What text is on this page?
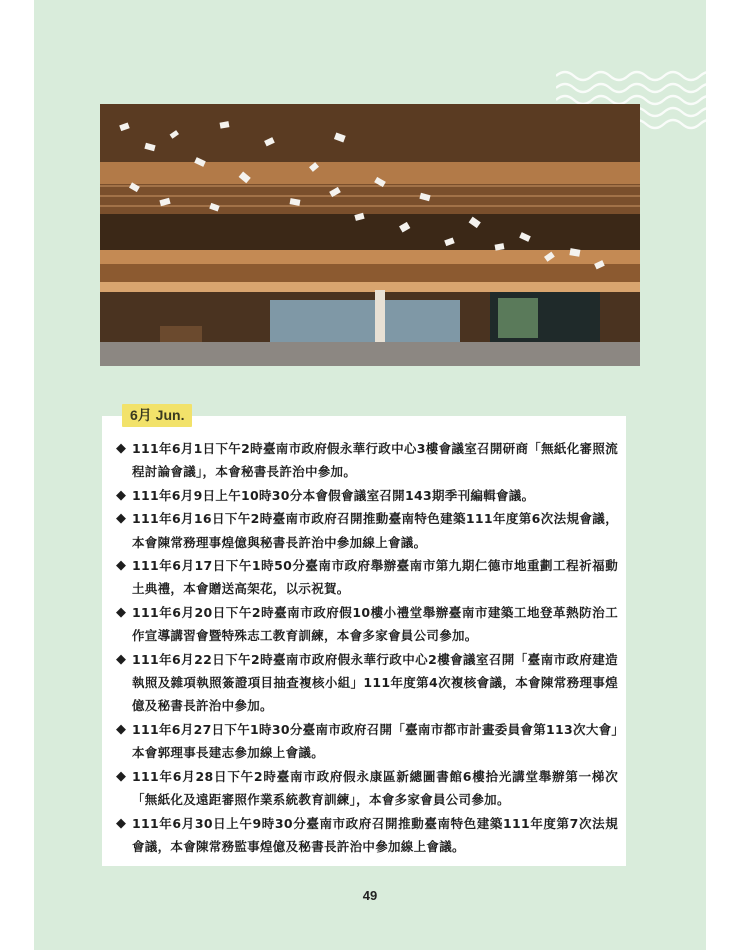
6月 Jun.
◆ 111年6月1日下午2時臺南市政府假永華行政中心3樓會議室召開研商「無紙化審照流程討論會議」，本會秘書長許治中參加。
◆ 111年6月9日上午10時30分本會假會議室召開143期季刊編輯會議。
◆ 111年6月16日下午2時臺南市政府召開推動臺南特色建築111年度第6次法規會議，本會陳常務理事煌億與秘書長許治中參加線上會議。
◆ 111年6月17日下午1時50分臺南市政府舉辦臺南市第九期仁德市地重劃工程祈福動土典禮，本會贈送高架花，以示祝賀。
◆ 111年6月20日下午2時臺南市政府假10樓小禮堂舉辦臺南市建築工地登革熱防治工作宣導講習會暨特殊志工教育訓練，本會多家會員公司參加。
◆ 111年6月22日下午2時臺南市政府假永華行政中心2樓會議室召開「臺南市政府建造執照及雜項執照簽證項目抽查複核小組」111年度第4次複核會議，本會陳常務理事煌億及秘書長許治中參加。
◆ 111年6月27日下午1時30分臺南市政府召開「臺南市都市計畫委員會第113次大會」本會郭理事長建志參加線上會議。
◆ 111年6月28日下午2時臺南市政府假永康區新總圖書館6樓拾光講堂舉辦第一梯次「無紙化及遠距審照作業系統教育訓練」，本會多家會員公司參加。
◆ 111年6月30日上午9時30分臺南市政府召開推動臺南特色建築111年度第7次法規會議，本會陳常務監事煌億及秘書長許治中參加線上會議。
49
